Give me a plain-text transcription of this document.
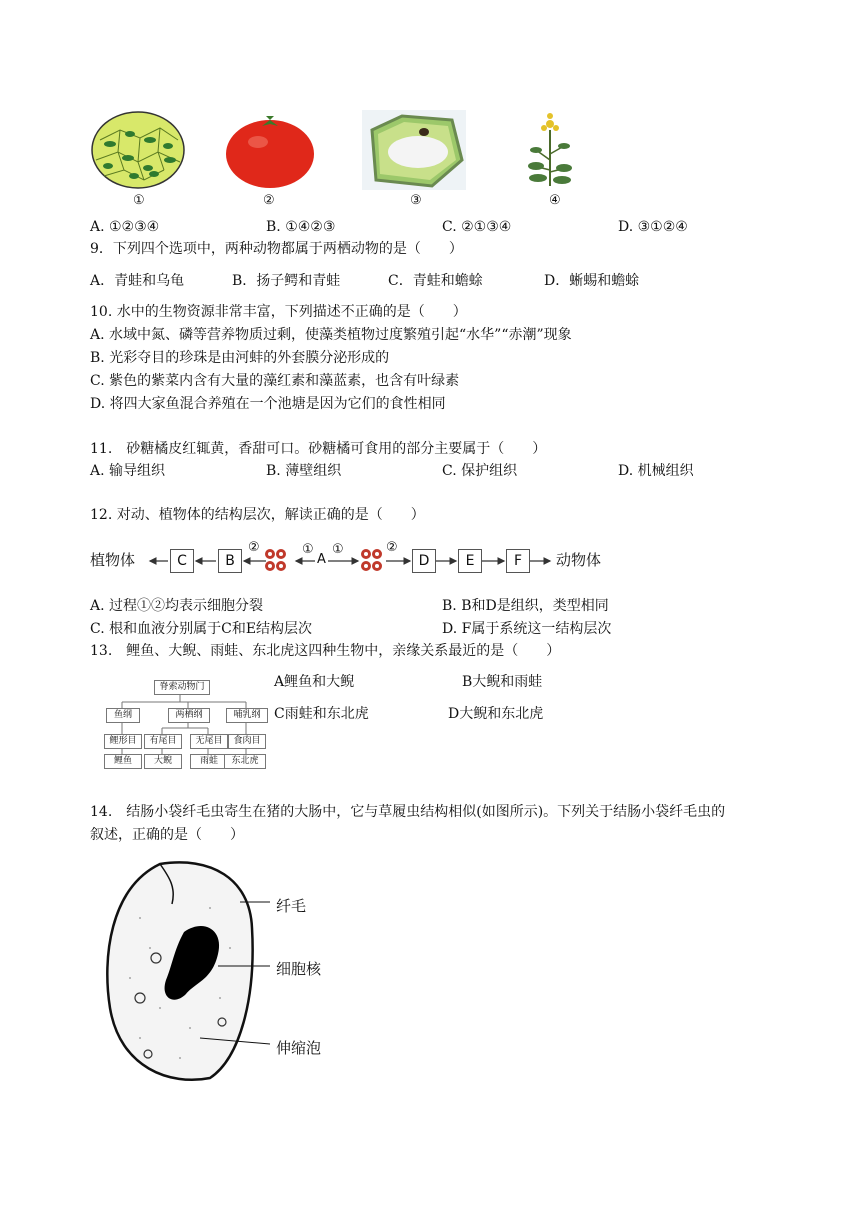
①	②	③	④
A. ①②③④	B. ①④②③	C. ②①③④	D. ③①②④
9．下列四个选项中，两种动物都属于两栖动物的是（　　）
A．青蛙和乌龟	B．扬子鳄和青蛙	C．青蛙和蟾蜍	D．蜥蜴和蟾蜍
10. 水中的生物资源非常丰富，下列描述不正确的是（　　）
A. 水域中氮、磷等营养物质过剩，使藻类植物过度繁殖引起“水华”“赤潮”现象
B. 光彩夺目的珍珠是由河蚌的外套膜分泌形成的
C. 紫色的紫菜内含有大量的藻红素和藻蓝素，也含有叶绿素
D. 将四大家鱼混合养殖在一个池塘是因为它们的食性相同
11.　砂糖橘皮红辄黄，香甜可口。砂糖橘可食用的部分主要属于（　　）
A. 输导组织	B. 薄壁组织	C. 保护组织	D. 机械组织
12. 对动、植物体的结构层次，解读正确的是（　　）
植物体	C	B
②	①
A
①	②
D	E	F	动物体
A. 过程①②均表示细胞分裂	B. B和D是组织，类型相同
C. 根和血液分别属于C和E结构层次	D. F属于系统这一结构层次
13.　鲤鱼、大鲵、雨蛙、东北虎这四种生物中，亲缘关系最近的是（　　）
脊索动物门
鱼纲	两栖纲	哺乳纲
鲤形目	有尾目	无尾目	食肉目
鲤鱼	大鲵	雨蛙	东北虎
A鲤鱼和大鲵	B大鲵和雨蛙
C雨蛙和东北虎	D大鲵和东北虎
14.　结肠小袋纤毛虫寄生在猪的大肠中，它与草履虫结构相似(如图所示)。下列关于结肠小袋纤毛虫的
叙述，正确的是（　　）
纤毛
细胞核
伸缩泡
